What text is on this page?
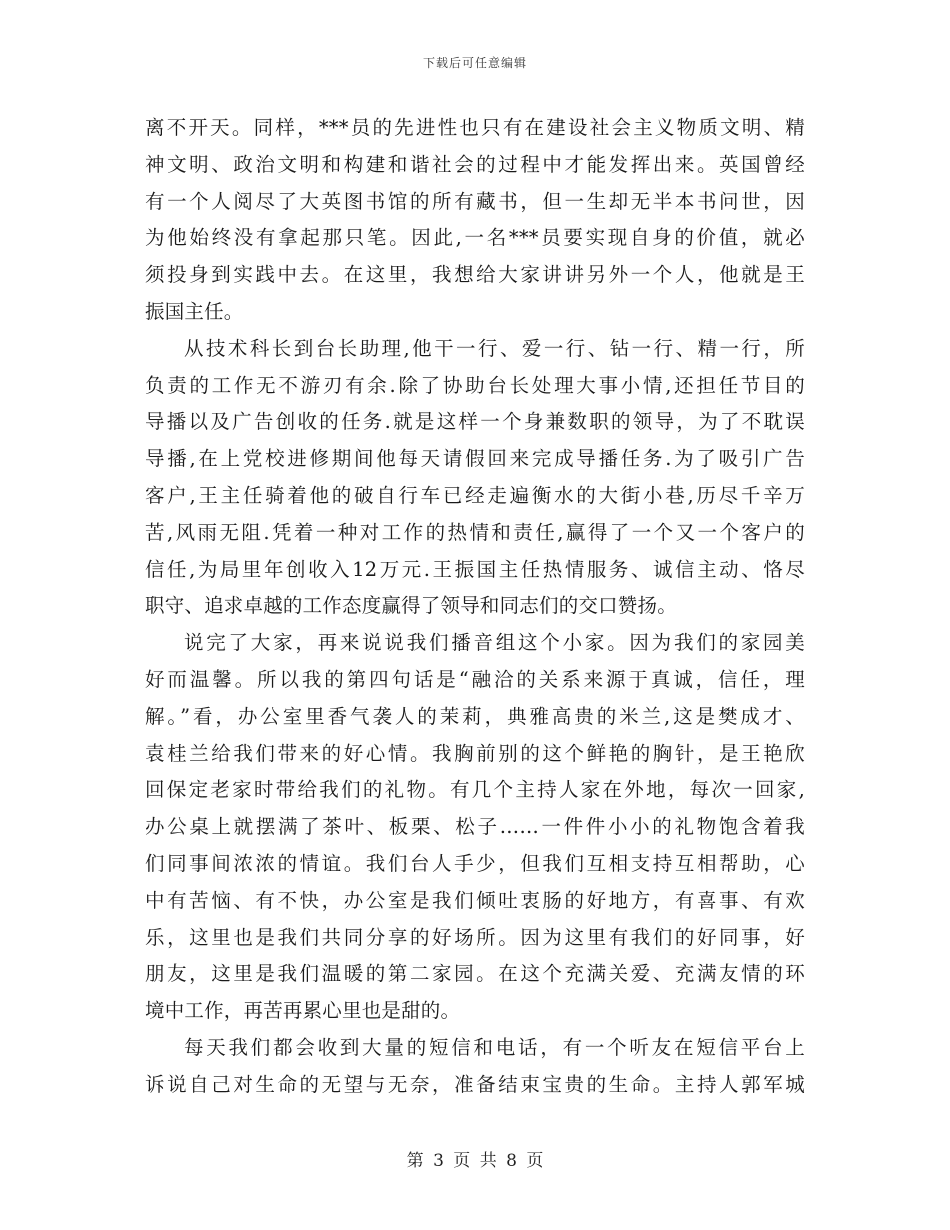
下载后可任意编辑
离不开天。同样，***员的先进性也只有在建设社会主义物质文明、精
神文明、政治文明和构建和谐社会的过程中才能发挥出来。英国曾经
有一个人阅尽了大英图书馆的所有藏书，但一生却无半本书问世，因
为他始终没有拿起那只笔。因此,一名***员要实现自身的价值，就必
须投身到实践中去。在这里，我想给大家讲讲另外一个人，他就是王
振国主任。
从技术科长到台长助理,他干一行、爱一行、钻一行、精一行，所
负责的工作无不游刃有余.除了协助台长处理大事小情,还担任节目的
导播以及广告创收的任务.就是这样一个身兼数职的领导，为了不耽误
导播,在上党校进修期间他每天请假回来完成导播任务.为了吸引广告
客户,王主任骑着他的破自行车已经走遍衡水的大街小巷,历尽千辛万
苦,风雨无阻.凭着一种对工作的热情和责任,赢得了一个又一个客户的
信任,为局里年创收入12万元.王振国主任热情服务、诚信主动、恪尽
职守、追求卓越的工作态度赢得了领导和同志们的交口赞扬。
说完了大家，再来说说我们播音组这个小家。因为我们的家园美
好而温馨。所以我的第四句话是“融洽的关系来源于真诚，信任，理
解。”看，办公室里香气袭人的茉莉，典雅高贵的米兰,这是樊成才、
袁桂兰给我们带来的好心情。我胸前别的这个鲜艳的胸针，是王艳欣
回保定老家时带给我们的礼物。有几个主持人家在外地，每次一回家,
办公桌上就摆满了茶叶、板栗、松子……一件件小小的礼物饱含着我
们同事间浓浓的情谊。我们台人手少，但我们互相支持互相帮助，心
中有苦恼、有不快，办公室是我们倾吐衷肠的好地方，有喜事、有欢
乐，这里也是我们共同分享的好场所。因为这里有我们的好同事，好
朋友，这里是我们温暖的第二家园。在这个充满关爱、充满友情的环
境中工作，再苦再累心里也是甜的。
每天我们都会收到大量的短信和电话，有一个听友在短信平台上
诉说自己对生命的无望与无奈，准备结束宝贵的生命。主持人郭军城
第 3 页 共 8 页
